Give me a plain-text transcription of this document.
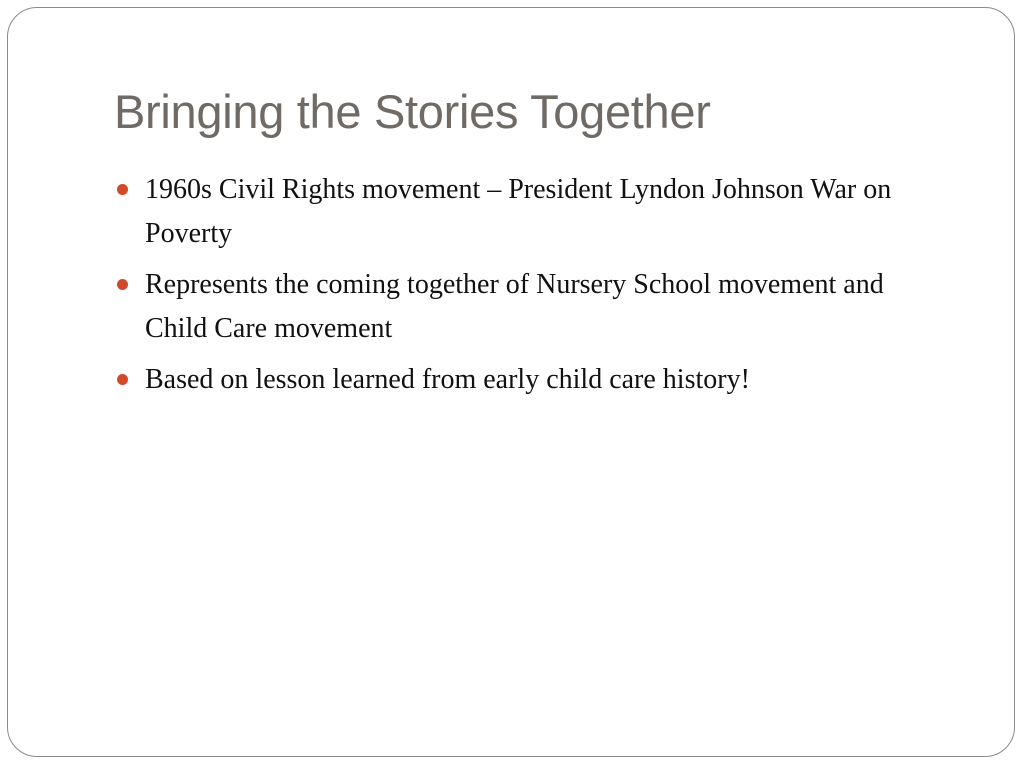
Bringing the Stories Together
1960s Civil Rights movement – President Lyndon Johnson War on Poverty
Represents the coming together of Nursery School movement and Child Care movement
Based on lesson learned from early child care history!
